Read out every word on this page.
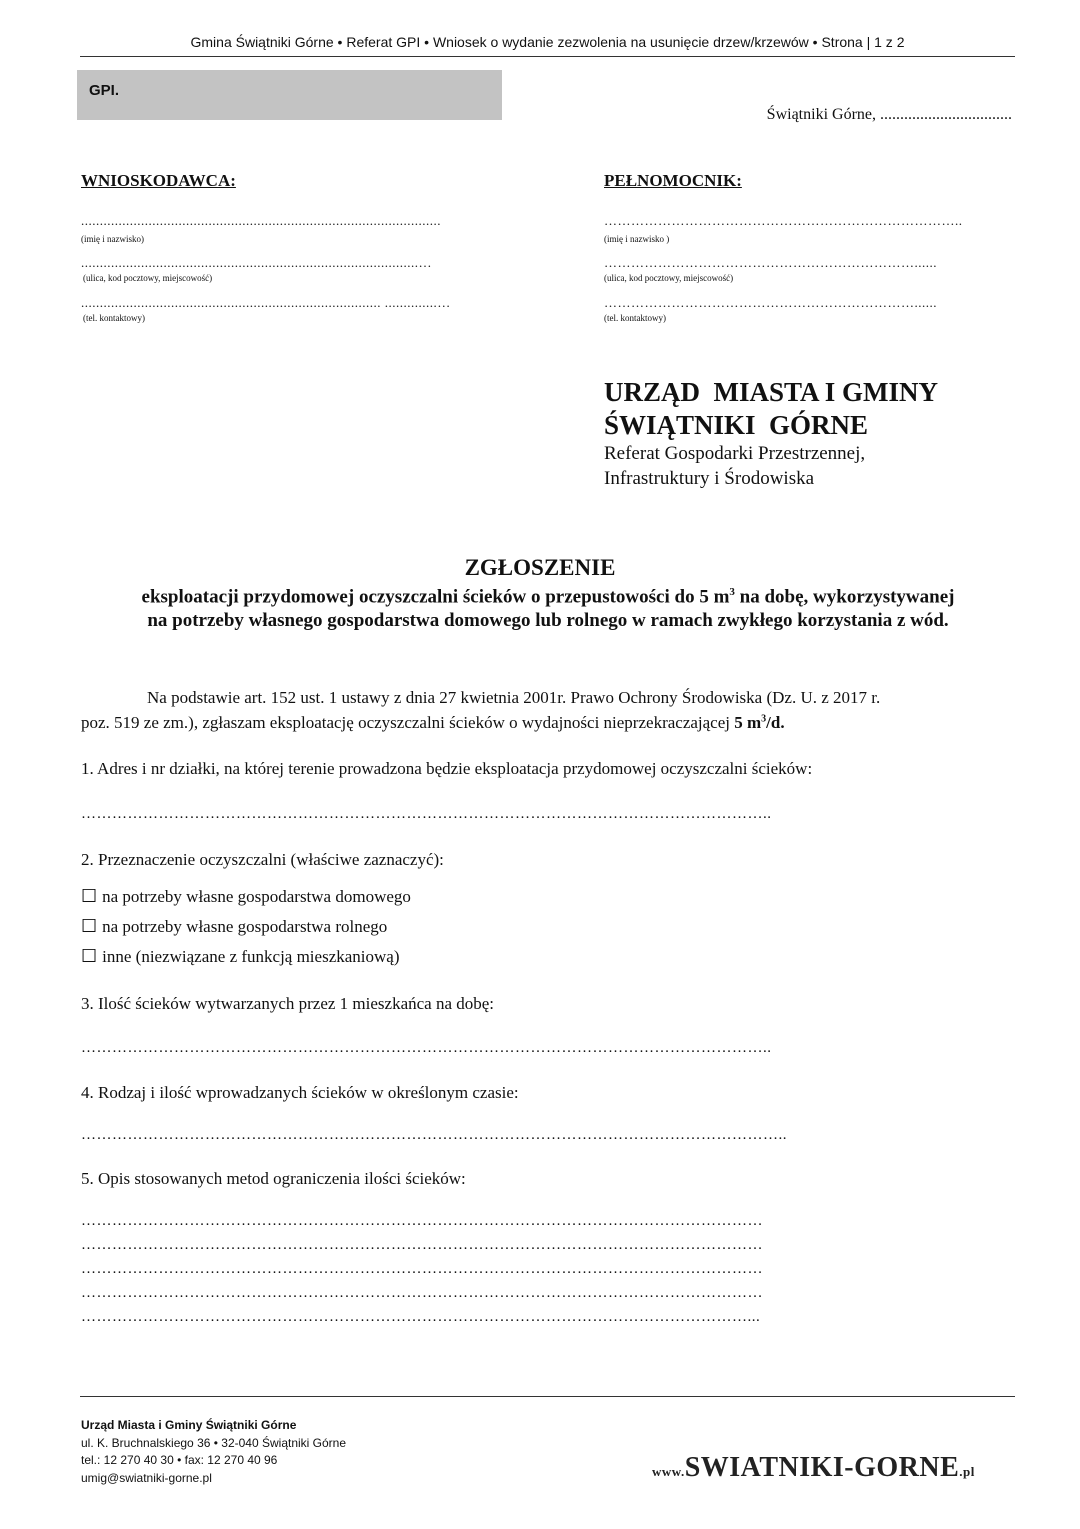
Gmina Świątniki Górne • Referat GPI • Wniosek o wydanie zezwolenia na usunięcie drzew/krzewów • Strona | 1 z 2
GPI.
Świątniki Górne, .................................
WNIOSKODAWCA:
................................................................................................
(imię i nazwisko)
..........................................................................................…
(ulica, kod pocztowy, miejscowość)
................................................................................ ..............…
(tel. kontaktowy)
PEŁNOMOCNIK:
……………………………………………………………………..
(imię i nazwisko )
……………………………………………………………......
(ulica, kod pocztowy, miejscowość)
……………………………………………………………......
(tel. kontaktowy)
URZĄD  MIASTA I GMINY
ŚWIĄTNIKI  GÓRNE
Referat Gospodarki Przestrzennej,
Infrastruktury i Środowiska
ZGŁOSZENIE
eksploatacji przydomowej oczyszczalni ścieków o przepustowości do 5 $m^3$ na dobę, wykorzystywanej
na potrzeby własnego gospodarstwa domowego lub rolnego w ramach zwykłego korzystania z wód.
Na podstawie art. 152 ust. 1 ustawy z dnia 27 kwietnia 2001r. Prawo Ochrony Środowiska (Dz. U. z 2017 r.
poz. 519 ze zm.), zgłaszam eksploatację oczyszczalni ścieków o wydajności nieprzekraczającej 5 $m^3/d$.
1. Adres i nr działki, na której terenie prowadzona będzie eksploatacja przydomowej oczyszczalni ścieków:
……………………………………………………………………………………………………………………..
2. Przeznaczenie oczyszczalni (właściwe zaznaczyć):
☐ na potrzeby własne gospodarstwa domowego
☐ na potrzeby własne gospodarstwa rolnego
☐ inne (niezwiązane z funkcją mieszkaniową)
3. Ilość ścieków wytwarzanych przez 1 mieszkańca na dobę:
……………………………………………………………………………………………………………………..
4. Rodzaj i ilość wprowadzanych ścieków w określonym czasie:
………………………………………………………………………………………………………………………..
5. Opis stosowanych metod ograniczenia ilości ścieków:
……………………………………………………………………………………………………………………
……………………………………………………………………………………………………………………
……………………………………………………………………………………………………………………
……………………………………………………………………………………………………………………
…………………………………………………………………………………………………………………...
Urząd Miasta i Gminy Świątniki Górne
ul. K. Bruchnalskiego 36 • 32-040 Świątniki Górne
tel.: 12 270 40 30 • fax: 12 270 40 96
umig@swiatniki-gorne.pl	www.SWIATNIKI-GORNE.pl
